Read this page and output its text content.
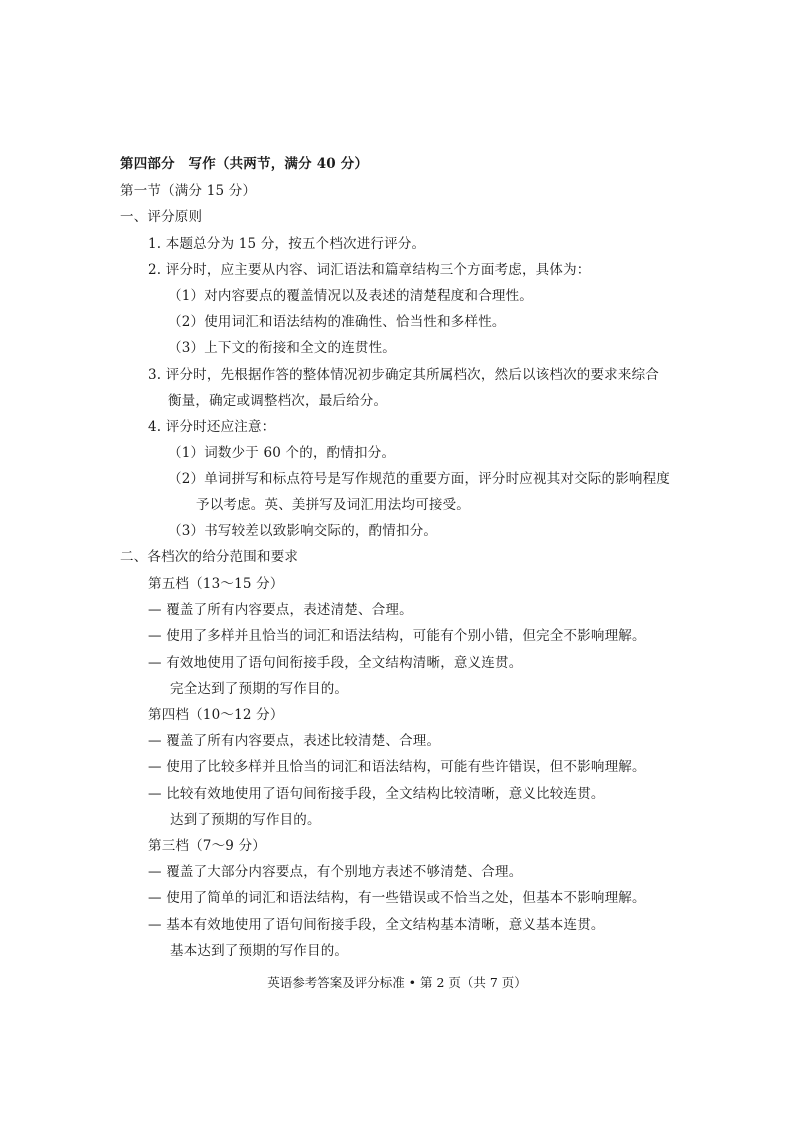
第四部分　写作（共两节，满分 40 分）
第一节（满分 15 分）
一、评分原则
1. 本题总分为 15 分，按五个档次进行评分。
2. 评分时，应主要从内容、词汇语法和篇章结构三个方面考虑，具体为：
（1）对内容要点的覆盖情况以及表述的清楚程度和合理性。
（2）使用词汇和语法结构的准确性、恰当性和多样性。
（3）上下文的衔接和全文的连贯性。
3. 评分时，先根据作答的整体情况初步确定其所属档次，然后以该档次的要求来综合
衡量，确定或调整档次，最后给分。
4. 评分时还应注意：
（1）词数少于 60 个的，酌情扣分。
（2）单词拼写和标点符号是写作规范的重要方面，评分时应视其对交际的影响程度
予以考虑。英、美拼写及词汇用法均可接受。
（3）书写较差以致影响交际的，酌情扣分。
二、各档次的给分范围和要求
第五档（13～15 分）
— 覆盖了所有内容要点，表述清楚、合理。
— 使用了多样并且恰当的词汇和语法结构，可能有个别小错，但完全不影响理解。
— 有效地使用了语句间衔接手段，全文结构清晰，意义连贯。
完全达到了预期的写作目的。
第四档（10～12 分）
— 覆盖了所有内容要点，表述比较清楚、合理。
— 使用了比较多样并且恰当的词汇和语法结构，可能有些许错误，但不影响理解。
— 比较有效地使用了语句间衔接手段，全文结构比较清晰，意义比较连贯。
达到了预期的写作目的。
第三档（7～9 分）
— 覆盖了大部分内容要点，有个别地方表述不够清楚、合理。
— 使用了简单的词汇和语法结构，有一些错误或不恰当之处，但基本不影响理解。
— 基本有效地使用了语句间衔接手段，全文结构基本清晰，意义基本连贯。
基本达到了预期的写作目的。
英语参考答案及评分标准 • 第 2 页（共 7 页）
